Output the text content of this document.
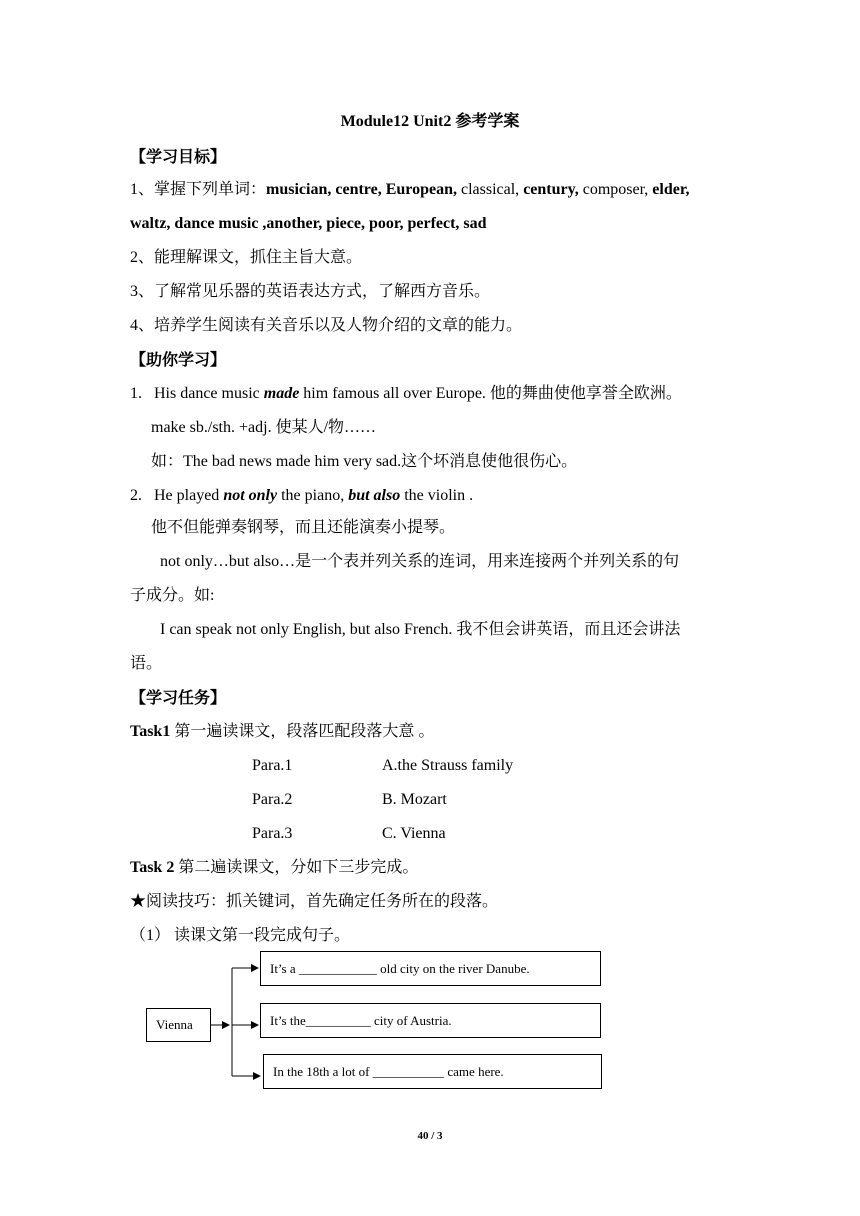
Module12 Unit2 参考学案
【学习目标】
1、掌握下列单词：musician, centre, European, classical, century, composer, elder,
waltz, dance music ,another, piece, poor, perfect, sad
2、能理解课文，抓住主旨大意。
3、了解常见乐器的英语表达方式，了解西方音乐。
4、培养学生阅读有关音乐以及人物介绍的文章的能力。
【助你学习】
1. His dance music made him famous all over Europe. 他的舞曲使他享誉全欧洲。
make sb./sth. +adj. 使某人/物……
如：The bad news made him very sad.这个坏消息使他很伤心。
2. He played not only the piano, but also the violin .
他不但能弹奏钢琴，而且还能演奏小提琴。
not only…but also…是一个表并列关系的连词，用来连接两个并列关系的句
子成分。如:
I can speak not only English, but also French. 我不但会讲英语，而且还会讲法
语。
【学习任务】
Task1 第一遍读课文，段落匹配段落大意 。
Para.1	A.the Strauss family
Para.2	B. Mozart
Para.3	C. Vienna
Task 2 第二遍读课文，分如下三步完成。
★阅读技巧：抓关键词，首先确定任务所在的段落。
（1） 读课文第一段完成句子。
Vienna
It’s a ____________ old city on the river Danube.
It’s the__________ city of Austria.
In the 18th a lot of ___________ came here.
40 / 3
